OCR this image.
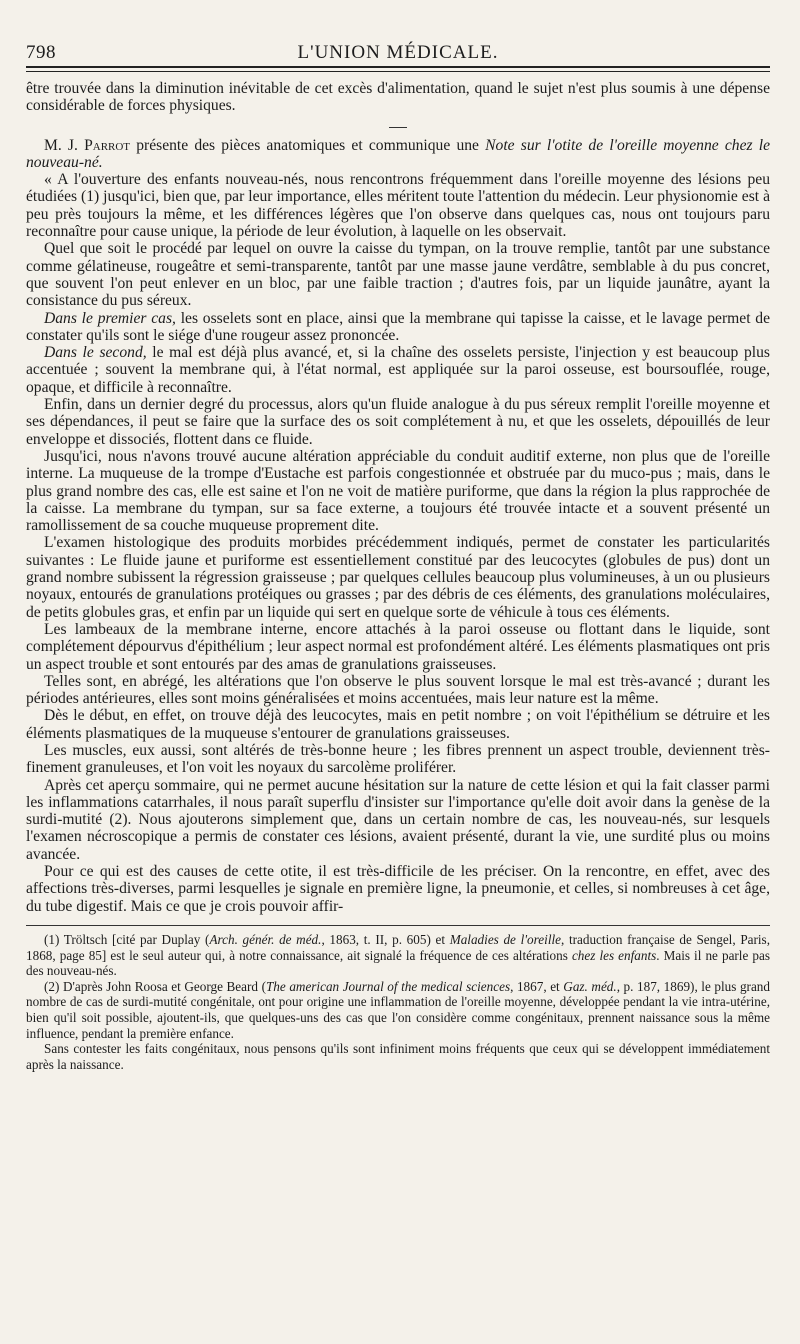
798	L'UNION MÉDICALE.

être trouvée dans la diminution inévitable de cet excès d'alimentation, quand le sujet n'est plus soumis à une dépense considérable de forces physiques.

M. J. Parrot présente des pièces anatomiques et communique une Note sur l'otite de l'oreille moyenne chez le nouveau-né.

« A l'ouverture des enfants nouveau-nés, nous rencontrons fréquemment dans l'oreille moyenne des lésions peu étudiées (1) jusqu'ici, bien que, par leur importance, elles méritent toute l'attention du médecin. Leur physionomie est à peu près toujours la même, et les différences légères que l'on observe dans quelques cas, nous ont toujours paru reconnaître pour cause unique, la période de leur évolution, à laquelle on les observait.

Quel que soit le procédé par lequel on ouvre la caisse du tympan, on la trouve remplie, tantôt par une substance comme gélatineuse, rougeâtre et semi-transparente, tantôt par une masse jaune verdâtre, semblable à du pus concret, que souvent l'on peut enlever en un bloc, par une faible traction ; d'autres fois, par un liquide jaunâtre, ayant la consistance du pus séreux.

Dans le premier cas, les osselets sont en place, ainsi que la membrane qui tapisse la caisse, et le lavage permet de constater qu'ils sont le siége d'une rougeur assez prononcée.

Dans le second, le mal est déjà plus avancé, et, si la chaîne des osselets persiste, l'injection y est beaucoup plus accentuée ; souvent la membrane qui, à l'état normal, est appliquée sur la paroi osseuse, est boursouflée, rouge, opaque, et difficile à reconnaître.

Enfin, dans un dernier degré du processus, alors qu'un fluide analogue à du pus séreux remplit l'oreille moyenne et ses dépendances, il peut se faire que la surface des os soit complétement à nu, et que les osselets, dépouillés de leur enveloppe et dissociés, flottent dans ce fluide.

Jusqu'ici, nous n'avons trouvé aucune altération appréciable du conduit auditif externe, non plus que de l'oreille interne. La muqueuse de la trompe d'Eustache est parfois congestionnée et obstruée par du muco-pus ; mais, dans le plus grand nombre des cas, elle est saine et l'on ne voit de matière puriforme, que dans la région la plus rapprochée de la caisse. La membrane du tympan, sur sa face externe, a toujours été trouvée intacte et a souvent présenté un ramollissement de sa couche muqueuse proprement dite.

L'examen histologique des produits morbides précédemment indiqués, permet de constater les particularités suivantes : Le fluide jaune et puriforme est essentiellement constitué par des leucocytes (globules de pus) dont un grand nombre subissent la régression graisseuse ; par quelques cellules beaucoup plus volumineuses, à un ou plusieurs noyaux, entourés de granulations protéiques ou grasses ; par des débris de ces éléments, des granulations moléculaires, de petits globules gras, et enfin par un liquide qui sert en quelque sorte de véhicule à tous ces éléments.

Les lambeaux de la membrane interne, encore attachés à la paroi osseuse ou flottant dans le liquide, sont complétement dépourvus d'épithélium ; leur aspect normal est profondément altéré. Les éléments plasmatiques ont pris un aspect trouble et sont entourés par des amas de granulations graisseuses.

Telles sont, en abrégé, les altérations que l'on observe le plus souvent lorsque le mal est très-avancé ; durant les périodes antérieures, elles sont moins généralisées et moins accentuées, mais leur nature est la même.

Dès le début, en effet, on trouve déjà des leucocytes, mais en petit nombre ; on voit l'épithélium se détruire et les éléments plasmatiques de la muqueuse s'entourer de granulations graisseuses.

Les muscles, eux aussi, sont altérés de très-bonne heure ; les fibres prennent un aspect trouble, deviennent très-finement granuleuses, et l'on voit les noyaux du sarcolème proliférer.

Après cet aperçu sommaire, qui ne permet aucune hésitation sur la nature de cette lésion et qui la fait classer parmi les inflammations catarrhales, il nous paraît superflu d'insister sur l'importance qu'elle doit avoir dans la genèse de la surdi-mutité (2). Nous ajouterons simplement que, dans un certain nombre de cas, les nouveau-nés, sur lesquels l'examen nécroscopique a permis de constater ces lésions, avaient présenté, durant la vie, une surdité plus ou moins avancée.

Pour ce qui est des causes de cette otite, il est très-difficile de les préciser. On la rencontre, en effet, avec des affections très-diverses, parmi lesquelles je signale en première ligne, la pneumonie, et celles, si nombreuses à cet âge, du tube digestif. Mais ce que je crois pouvoir affir-

(1) Tröltsch [cité par Duplay (Arch. génér. de méd., 1863, t. II, p. 605) et Maladies de l'oreille, traduction française de Sengel, Paris, 1868, page 85] est le seul auteur qui, à notre connaissance, ait signalé la fréquence de ces altérations chez les enfants. Mais il ne parle pas des nouveau-nés.

(2) D'après John Roosa et George Beard (The american Journal of the medical sciences, 1867, et Gaz. méd., p. 187, 1869), le plus grand nombre de cas de surdi-mutité congénitale, ont pour origine une inflammation de l'oreille moyenne, développée pendant la vie intra-utérine, bien qu'il soit possible, ajoutent-ils, que quelques-uns des cas que l'on considère comme congénitaux, prennent naissance sous la même influence, pendant la première enfance.

Sans contester les faits congénitaux, nous pensons qu'ils sont infiniment moins fréquents que ceux qui se développent immédiatement après la naissance.
